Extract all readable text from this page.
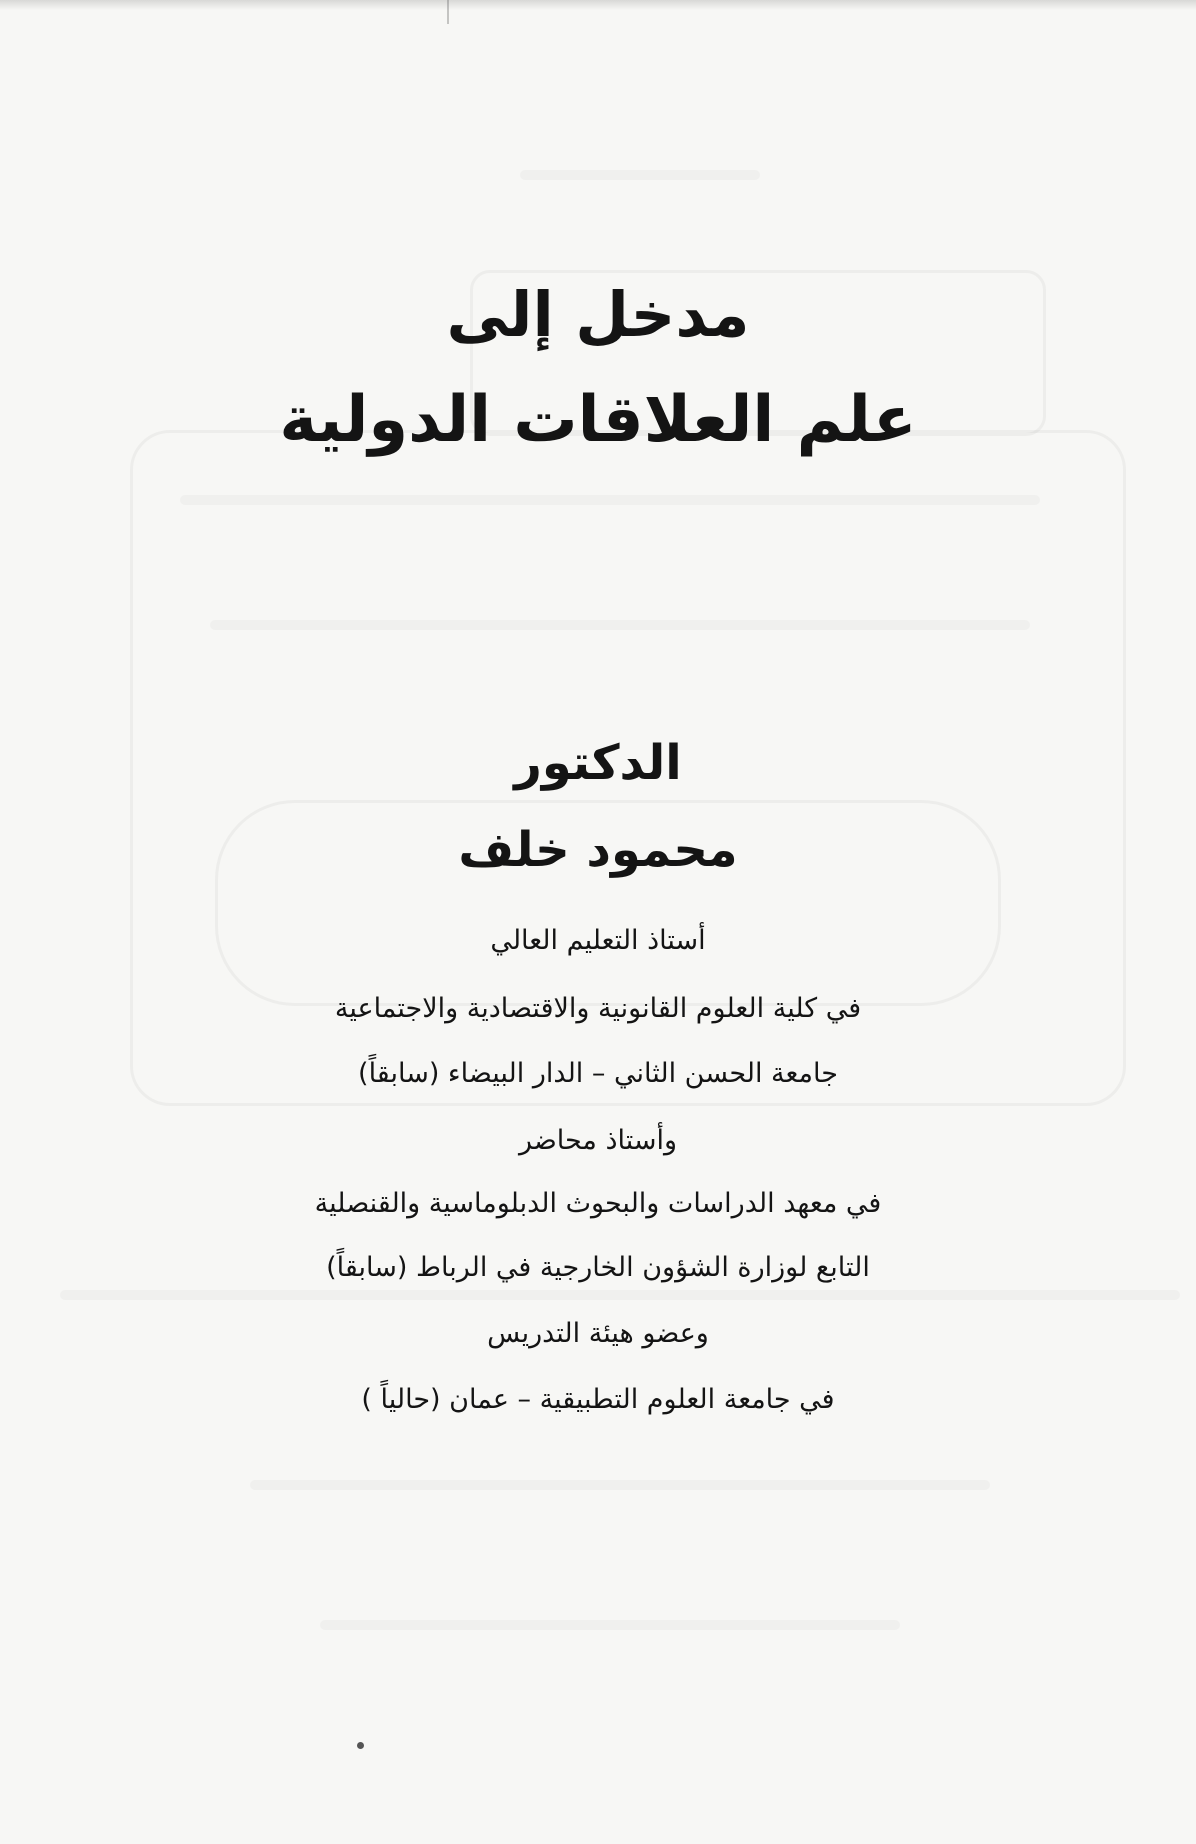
مدخل إلى
علم العلاقات الدولية
الدكتور
محمود خلف
أستاذ التعليم العالي
في كلية العلوم القانونية والاقتصادية والاجتماعية
جامعة الحسن الثاني – الدار البيضاء (سابقاً)
وأستاذ محاضر
في معهد الدراسات والبحوث الدبلوماسية والقنصلية
التابع لوزارة الشؤون الخارجية في الرباط (سابقاً)
وعضو هيئة التدريس
في جامعة العلوم التطبيقية – عمان (حالياً )
